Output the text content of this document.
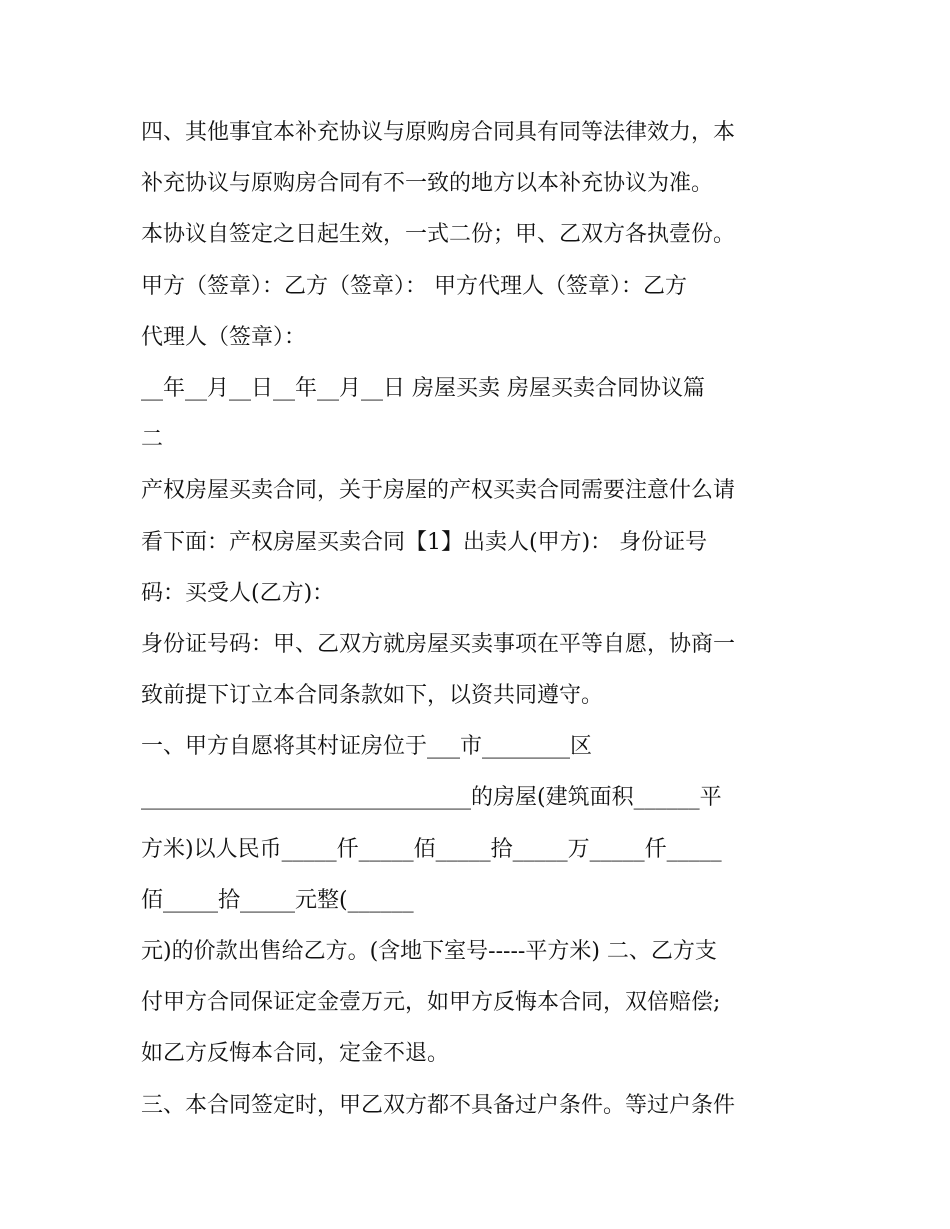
四、其他事宜本补充协议与原购房合同具有同等法律效力，本

补充协议与原购房合同有不一致的地方以本补充协议为准。

本协议自签定之日起生效，一式二份；甲、乙双方各执壹份。

甲方（签章）：乙方（签章）： 甲方代理人（签章）：乙方

代理人（签章）：

__年__月__日__年__月__日 房屋买卖 房屋买卖合同协议篇

二

产权房屋买卖合同，关于房屋的产权买卖合同需要注意什么请

看下面：产权房屋买卖合同【1】出卖人(甲方)： 身份证号

码：买受人(乙方)：

身份证号码：甲、乙双方就房屋买卖事项在平等自愿，协商一

致前提下订立本合同条款如下，以资共同遵守。

一、甲方自愿将其村证房位于___市________区

______________________________的房屋(建筑面积______平

方米)以人民币_____仟_____佰_____拾_____万_____仟_____

佰_____拾_____元整(______

元)的价款出售给乙方。(含地下室号-----平方米) 二、乙方支

付甲方合同保证定金壹万元，如甲方反悔本合同，双倍赔偿;

如乙方反悔本合同，定金不退。

三、本合同签定时，甲乙双方都不具备过户条件。等过户条件
